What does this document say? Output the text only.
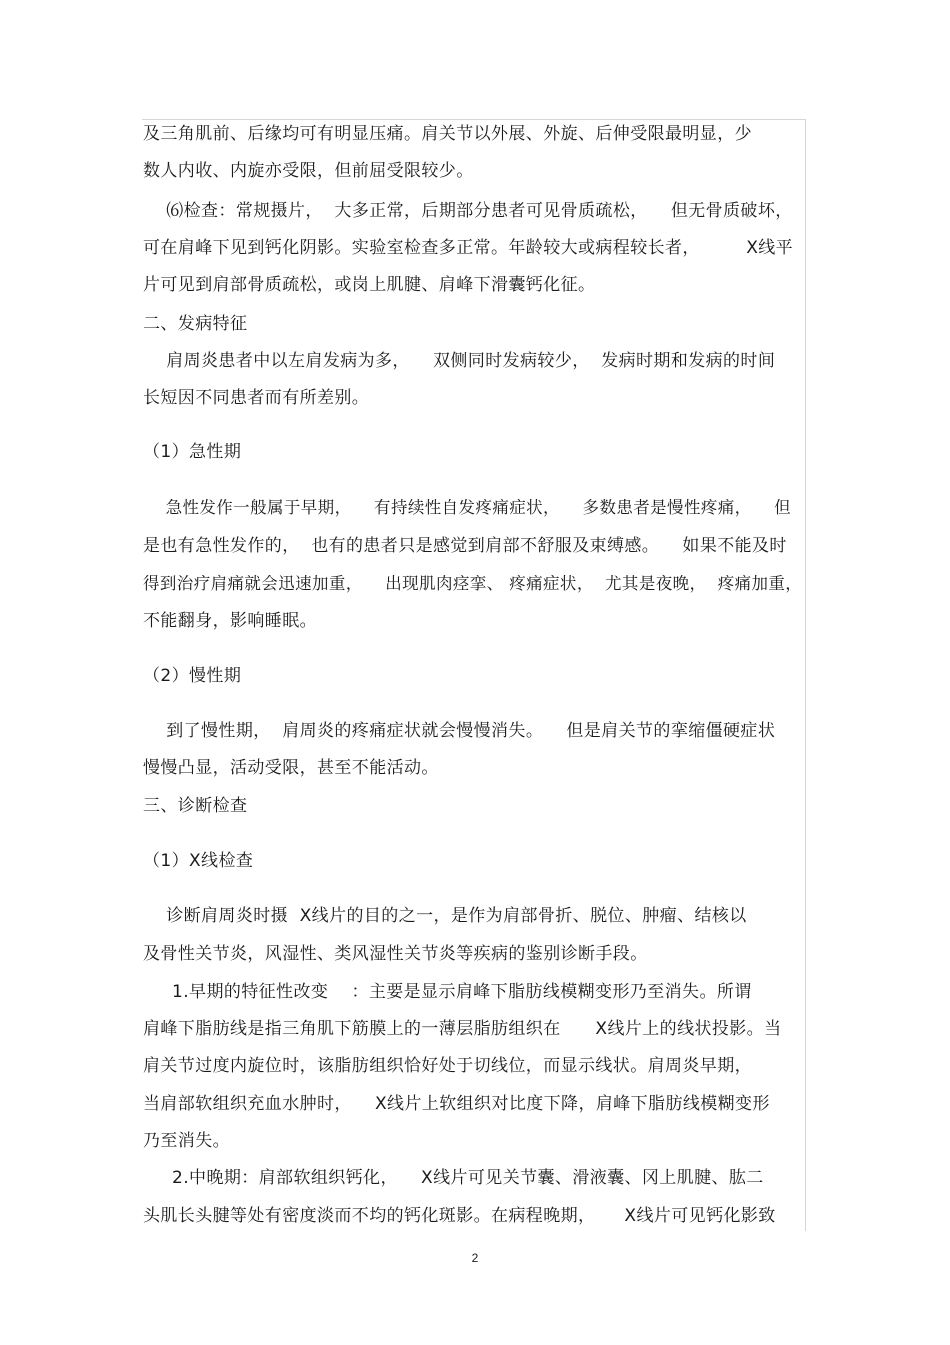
及三角肌前、后缘均可有明显压痛。肩关节以外展、外旋、后伸受限最明显，少
数人内收、内旋亦受限，但前屈受限较少。
⑹检查：常规摄片，  大多正常，后期部分患者可见骨质疏松，    但无骨质破坏，
可在肩峰下见到钙化阴影。实验室检查多正常。年龄较大或病程较长者，        X线平
片可见到肩部骨质疏松，或岗上肌腱、肩峰下滑囊钙化征。
二、发病特征
肩周炎患者中以左肩发病为多，    双侧同时发病较少，  发病时期和发病的时间
长短因不同患者而有所差别。
（1）急性期
急性发作一般属于早期，    有持续性自发疼痛症状，    多数患者是慢性疼痛，    但
是也有急性发作的，  也有的患者只是感觉到肩部不舒服及束缚感。    如果不能及时
得到治疗肩痛就会迅速加重，    出现肌肉痉挛、 疼痛症状，  尤其是夜晚，  疼痛加重，
不能翻身，影响睡眠。
（2）慢性期
到了慢性期，  肩周炎的疼痛症状就会慢慢消失。    但是肩关节的挛缩僵硬症状
慢慢凸显，活动受限，甚至不能活动。
三、诊断检查
（1）X线检查
诊断肩周炎时摄  X线片的目的之一，是作为肩部骨折、脱位、肿瘤、结核以
及骨性关节炎，风湿性、类风湿性关节炎等疾病的鉴别诊断手段。
1.早期的特征性改变    ：主要是显示肩峰下脂肪线模糊变形乃至消失。所谓
肩峰下脂肪线是指三角肌下筋膜上的一薄层脂肪组织在      X线片上的线状投影。当
肩关节过度内旋位时，该脂肪组织恰好处于切线位，而显示线状。肩周炎早期，
当肩部软组织充血水肿时，    X线片上软组织对比度下降，肩峰下脂肪线模糊变形
乃至消失。
2.中晚期：肩部软组织钙化，    X线片可见关节囊、滑液囊、冈上肌腱、肱二
头肌长头腱等处有密度淡而不均的钙化斑影。在病程晚期，     X线片可见钙化影致
2
